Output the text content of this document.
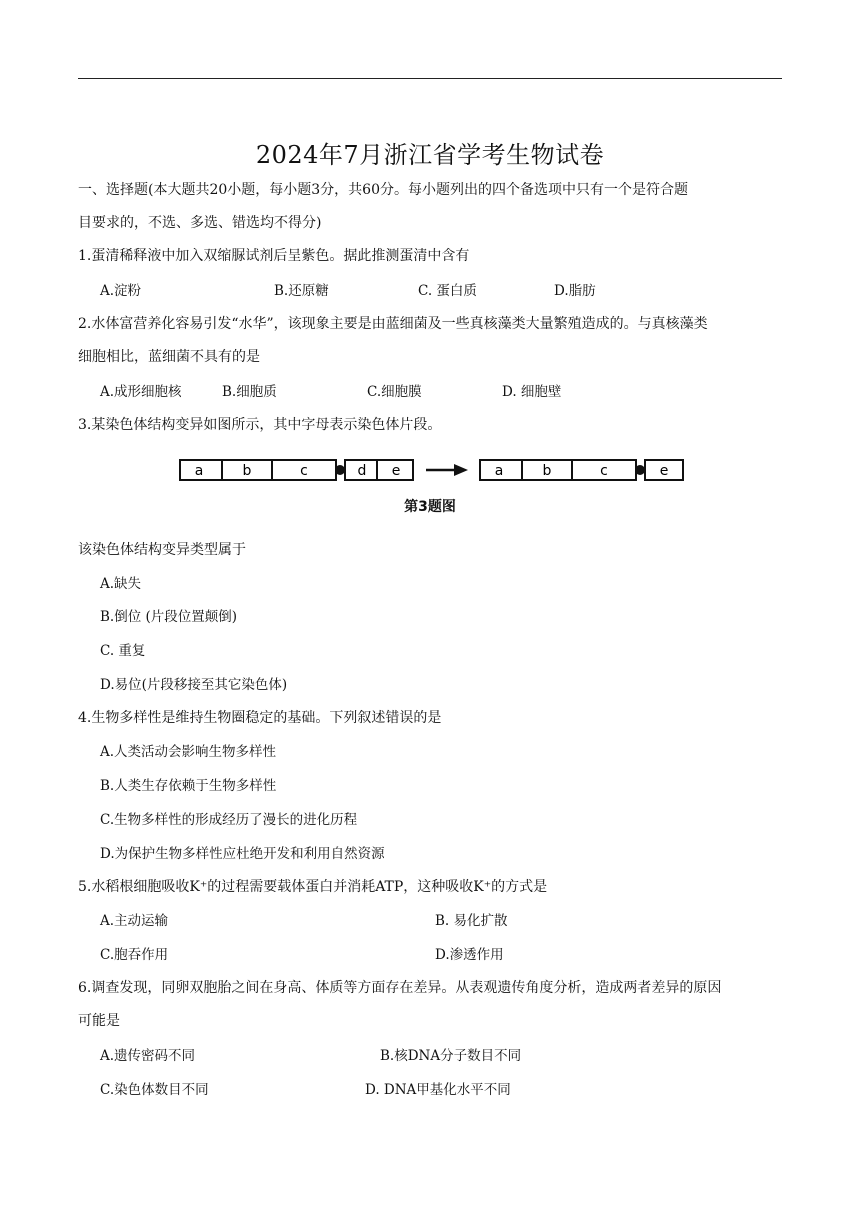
2024年7月浙江省学考生物试卷
一、选择题(本大题共20小题，每小题3分，共60分。每小题列出的四个备选项中只有一个是符合题
目要求的，不选、多选、错选均不得分)
1.蛋清稀释液中加入双缩脲试剂后呈紫色。据此推测蛋清中含有
A.淀粉	B.还原糖	C. 蛋白质	D.脂肪
2.水体富营养化容易引发“水华”，该现象主要是由蓝细菌及一些真核藻类大量繁殖造成的。与真核藻类
细胞相比，蓝细菌不具有的是
A.成形细胞核	B.细胞质	C.细胞膜	D. 细胞壁
3.某染色体结构变异如图所示，其中字母表示染色体片段。
a	b	c	d e	a	b	c	e
第3题图
该染色体结构变异类型属于
A.缺失
B.倒位 (片段位置颠倒)
C. 重复
D.易位(片段移接至其它染色体)
4.生物多样性是维持生物圈稳定的基础。下列叙述错误的是
A.人类活动会影响生物多样性
B.人类生存依赖于生物多样性
C.生物多样性的形成经历了漫长的进化历程
D.为保护生物多样性应杜绝开发和利用自然资源
5.水稻根细胞吸收K⁺的过程需要载体蛋白并消耗ATP，这种吸收K⁺的方式是
A.主动运输	B. 易化扩散
C.胞吞作用	D.渗透作用
6.调查发现，同卵双胞胎之间在身高、体质等方面存在差异。从表观遗传角度分析，造成两者差异的原因
可能是
A.遗传密码不同	B.核DNA分子数目不同
C.染色体数目不同	D. DNA甲基化水平不同
